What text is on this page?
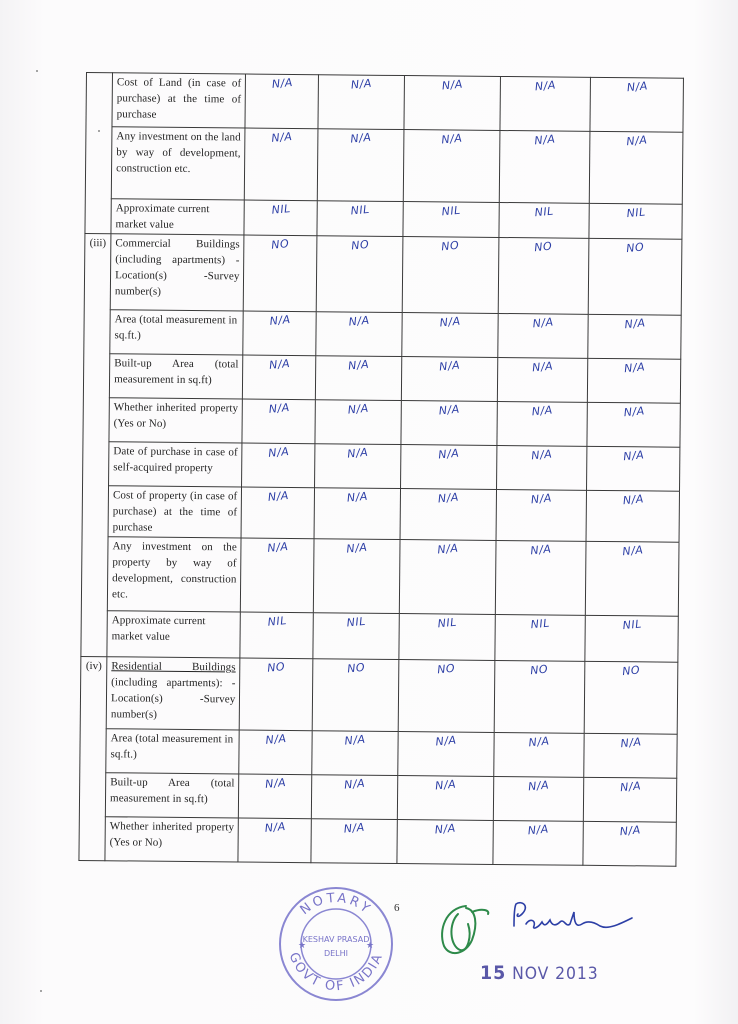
	Cost of Land (in case of purchase) at the time of purchase	N/A	N/A	N/A	N/A	N/A
	Any investment on the land by way of development, construction etc.	N/A	N/A	N/A	N/A	N/A
	Approximate current market value	NIL	NIL	NIL	NIL	NIL
(iii)	Commercial Buildings (including apartments) -Location(s) -Survey number(s)	NO	NO	NO	NO	NO
	Area (total measurement in sq.ft.)	N/A	N/A	N/A	N/A	N/A
	Built-up Area (total measurement in sq.ft)	N/A	N/A	N/A	N/A	N/A
	Whether inherited property (Yes or No)	N/A	N/A	N/A	N/A	N/A
	Date of purchase in case of self-acquired property	N/A	N/A	N/A	N/A	N/A
	Cost of property (in case of purchase) at the time of purchase	N/A	N/A	N/A	N/A	N/A
	Any investment on the property by way of development, construction etc.	N/A	N/A	N/A	N/A	N/A
	Approximate current market value	NIL	NIL	NIL	NIL	NIL
(iv)	Residential Buildings (including apartments): -Location(s) -Survey number(s)	NO	NO	NO	NO	NO
	Area (total measurement in sq.ft.)	N/A	N/A	N/A	N/A	N/A
	Built-up Area (total measurement in sq.ft)	N/A	N/A	N/A	N/A	N/A
	Whether inherited property (Yes or No)	N/A	N/A	N/A	N/A	N/A
6
NOTARY
GOVT OF INDIA
KESHAV PRASAD
DELHI
★	★
15 NOV 2013
